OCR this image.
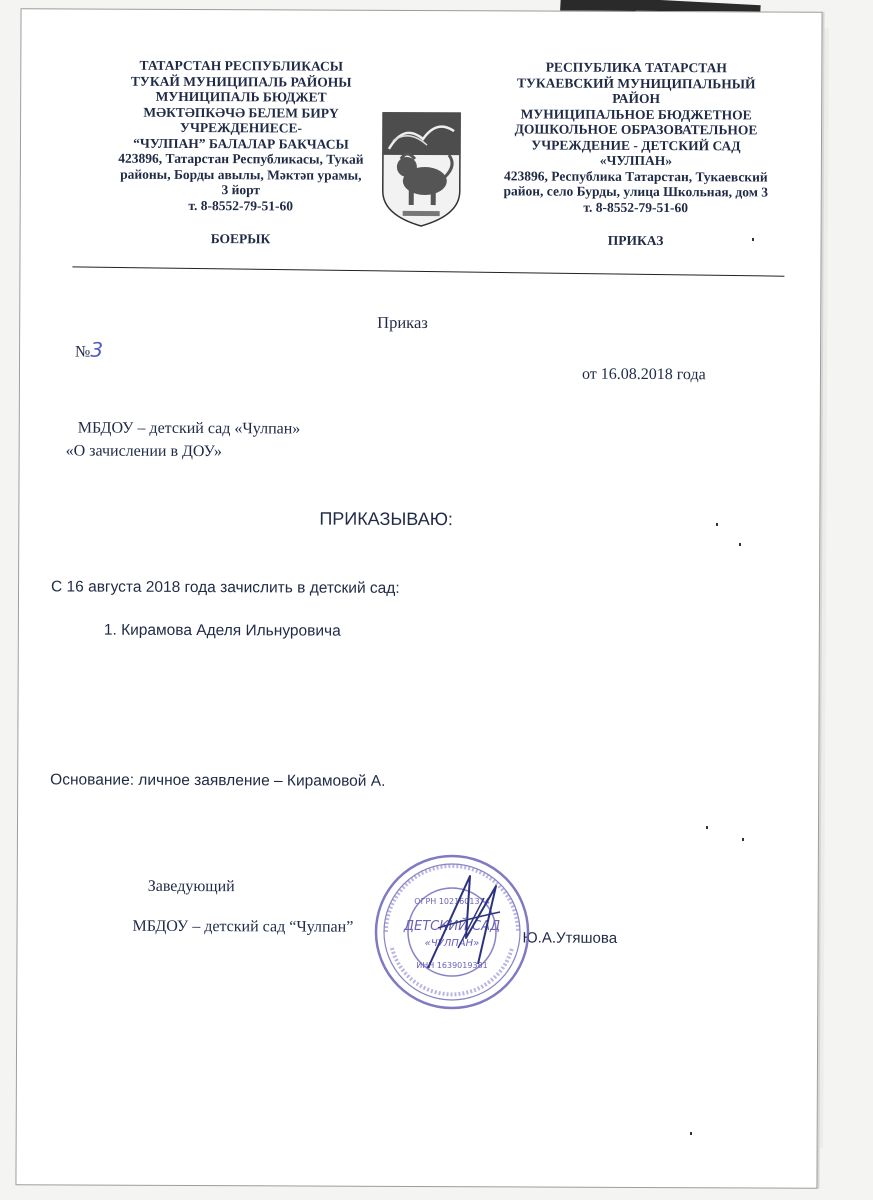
ТАТАРСТАН РЕСПУБЛИКАСЫ
ТУКАЙ МУНИЦИПАЛЬ РАЙОНЫ
МУНИЦИПАЛЬ БЮДЖЕТ
МӘКТӘПКӘЧӘ БЕЛЕМ БИРҮ
УЧРЕЖДЕНИЕСЕ-
“ЧУЛПАН” БАЛАЛАР БАКЧАСЫ
423896, Татарстан Республикасы, Тукай
районы, Борды авылы, Мәктәп урамы,
3 йорт
т. 8-8552-79-51-60
БОЕРЫК
РЕСПУБЛИКА ТАТАРСТАН
ТУКАЕВСКИЙ МУНИЦИПАЛЬНЫЙ
РАЙОН
МУНИЦИПАЛЬНОЕ БЮДЖЕТНОЕ
ДОШКОЛЬНОЕ ОБРАЗОВАТЕЛЬНОЕ
УЧРЕЖДЕНИЕ - ДЕТСКИЙ САД
«ЧУЛПАН»
423896, Республика Татарстан, Тукаевский
район, село Бурды, улица Школьная, дом 3
т. 8-8552-79-51-60
ПРИКАЗ
Приказ
№3
от 16.08.2018 года
МБДОУ – детский сад «Чулпан»
«О зачислении в ДОУ»
ПРИКАЗЫВАЮ:
С 16 августа 2018 года зачислить в детский сад:
1. Кирамова Аделя Ильнуровича
Основание: личное заявление – Кирамовой А.
Заведующий
МБДОУ – детский сад “Чулпан”
Ю.А.Утяшова
ОГРН 1021601374
ДЕТСКИЙ САД
«ЧУЛПАН»
ИНН 1639019381
